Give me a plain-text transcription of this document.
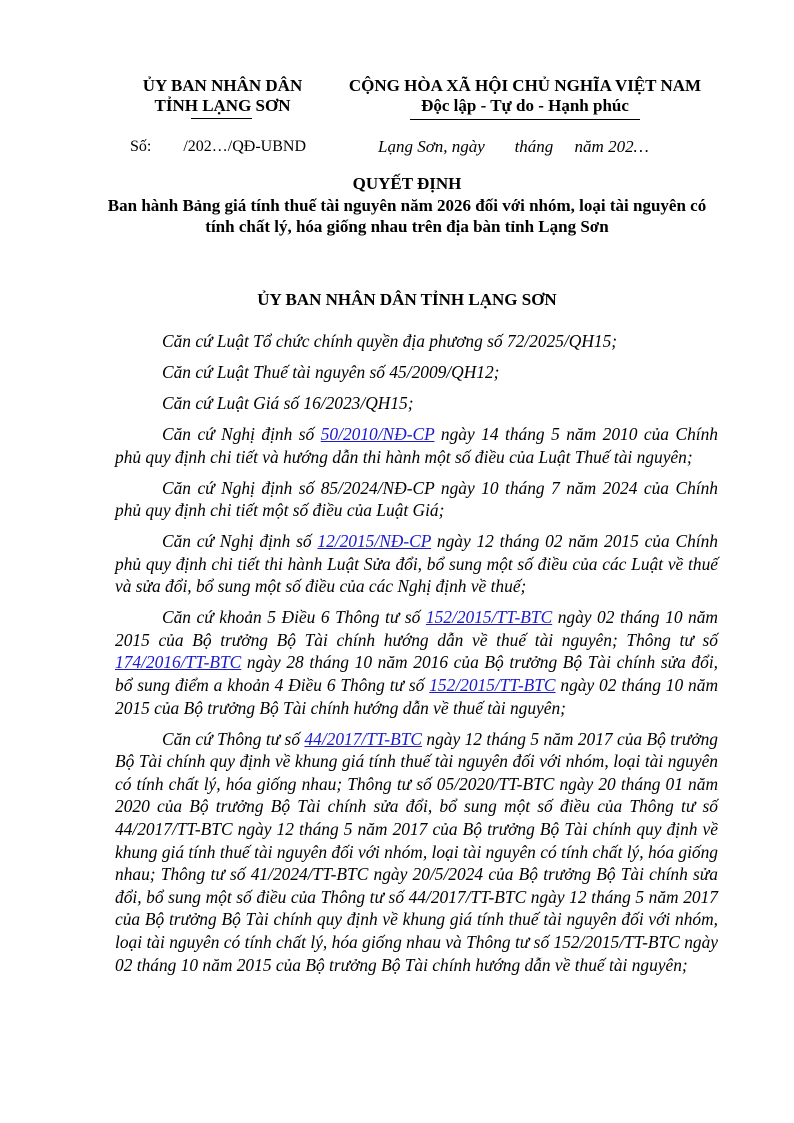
ỦY BAN NHÂN DÂN
TỈNH LẠNG SƠN
CỘNG HÒA XÃ HỘI CHỦ NGHĨA VIỆT NAM
Độc lập - Tự do - Hạnh phúc
Số:        /202…/QĐ-UBND	Lạng Sơn, ngày       tháng     năm 202…
QUYẾT ĐỊNH
Ban hành Bảng giá tính thuế tài nguyên năm 2026 đối với nhóm, loại tài nguyên có tính chất lý, hóa giống nhau trên địa bàn tỉnh Lạng Sơn
ỦY BAN NHÂN DÂN TỈNH LẠNG SƠN

Căn cứ Luật Tổ chức chính quyền địa phương số 72/2025/QH15;

Căn cứ Luật Thuế tài nguyên số 45/2009/QH12;

Căn cứ Luật Giá số 16/2023/QH15;

Căn cứ Nghị định số 50/2010/NĐ-CP ngày 14 tháng 5 năm 2010 của Chính phủ quy định chi tiết và hướng dẫn thi hành một số điều của Luật Thuế tài nguyên;

Căn cứ Nghị định số 85/2024/NĐ-CP ngày 10 tháng 7 năm 2024 của Chính phủ quy định chi tiết một số điều của Luật Giá;

Căn cứ Nghị định số 12/2015/NĐ-CP ngày 12 tháng 02 năm 2015 của Chính phủ quy định chi tiết thi hành Luật Sửa đổi, bổ sung một số điều của các Luật về thuế và sửa đổi, bổ sung một số điều của các Nghị định về thuế;

Căn cứ khoản 5 Điều 6 Thông tư số 152/2015/TT-BTC ngày 02 tháng 10 năm 2015 của Bộ trưởng Bộ Tài chính hướng dẫn về thuế tài nguyên; Thông tư số 174/2016/TT-BTC ngày 28 tháng 10 năm 2016 của Bộ trưởng Bộ Tài chính sửa đổi, bổ sung điểm a khoản 4 Điều 6 Thông tư số 152/2015/TT-BTC ngày 02 tháng 10 năm 2015 của Bộ trưởng Bộ Tài chính hướng dẫn về thuế tài nguyên;

Căn cứ Thông tư số 44/2017/TT-BTC ngày 12 tháng 5 năm 2017 của Bộ trưởng Bộ Tài chính quy định về khung giá tính thuế tài nguyên đối với nhóm, loại tài nguyên có tính chất lý, hóa giống nhau; Thông tư số 05/2020/TT-BTC ngày 20 tháng 01 năm 2020 của Bộ trưởng Bộ Tài chính sửa đổi, bổ sung một số điều của Thông tư số 44/2017/TT-BTC ngày 12 tháng 5 năm 2017 của Bộ trưởng Bộ Tài chính quy định về khung giá tính thuế tài nguyên đối với nhóm, loại tài nguyên có tính chất lý, hóa giống nhau; Thông tư số 41/2024/TT-BTC ngày 20/5/2024 của Bộ trưởng Bộ Tài chính sửa đổi, bổ sung một số điều của Thông tư số 44/2017/TT-BTC ngày 12 tháng 5 năm 2017 của Bộ trưởng Bộ Tài chính quy định về khung giá tính thuế tài nguyên đối với nhóm, loại tài nguyên có tính chất lý, hóa giống nhau và Thông tư số 152/2015/TT-BTC ngày 02 tháng 10 năm 2015 của Bộ trưởng Bộ Tài chính hướng dẫn về thuế tài nguyên;
